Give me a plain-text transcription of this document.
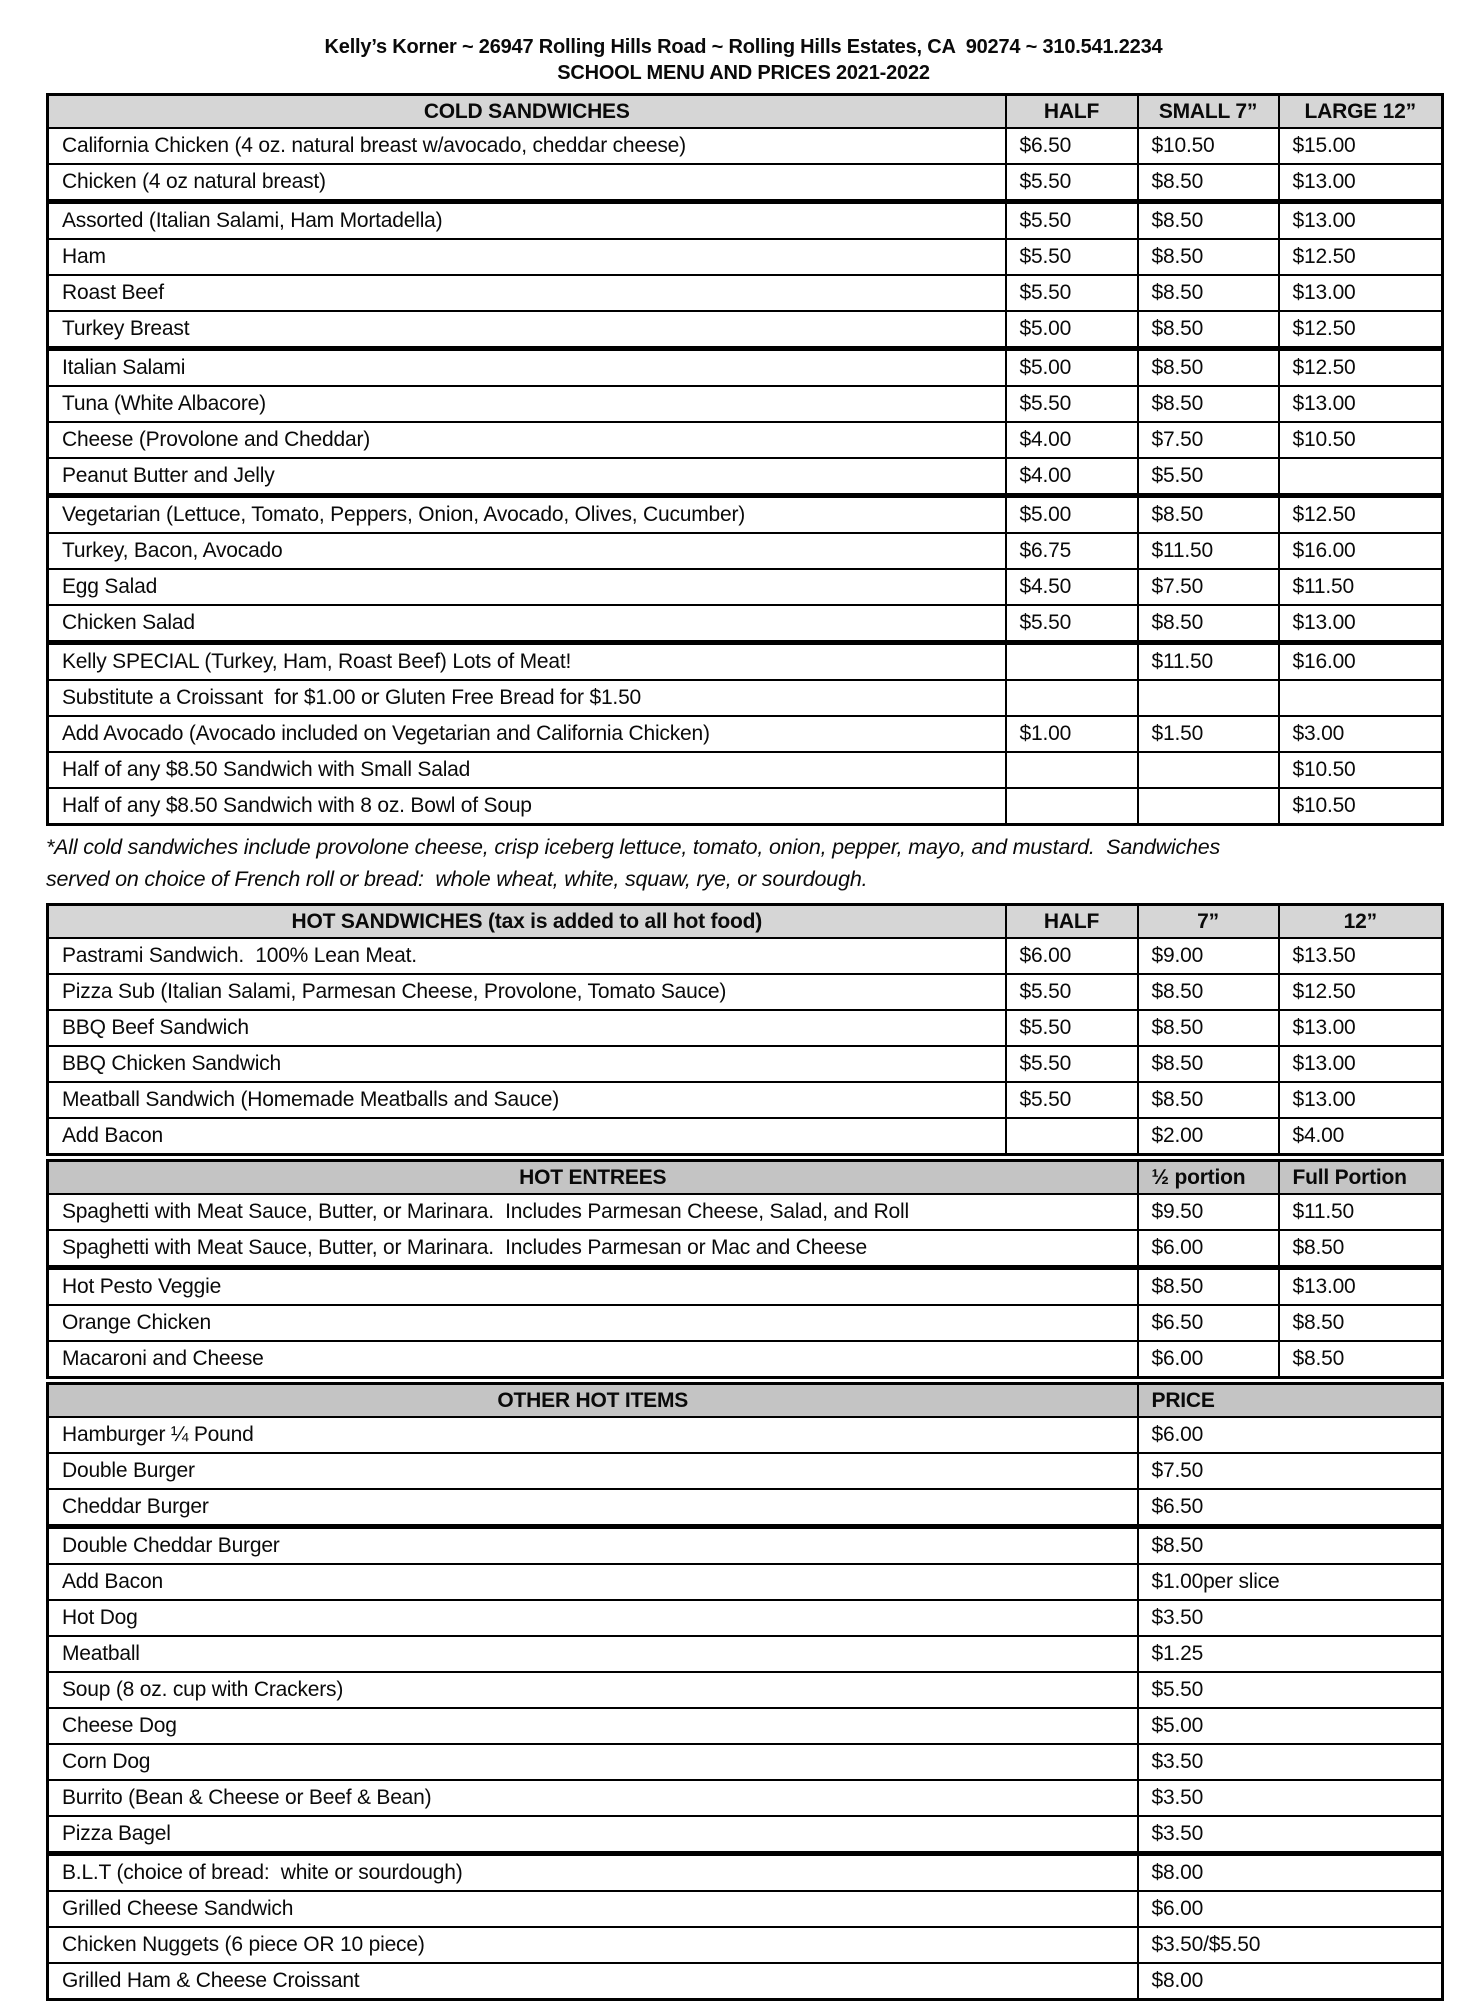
Kelly’s Korner ~ 26947 Rolling Hills Road ~ Rolling Hills Estates, CA  90274 ~ 310.541.2234
SCHOOL MENU AND PRICES 2021-2022
COLD SANDWICHES	HALF	SMALL 7”	LARGE 12”
California Chicken (4 oz. natural breast w/avocado, cheddar cheese)	$6.50	$10.50	$15.00
Chicken (4 oz natural breast)	$5.50	$8.50	$13.00
Assorted (Italian Salami, Ham Mortadella)	$5.50	$8.50	$13.00
Ham	$5.50	$8.50	$12.50
Roast Beef	$5.50	$8.50	$13.00
Turkey Breast	$5.00	$8.50	$12.50
Italian Salami	$5.00	$8.50	$12.50
Tuna (White Albacore)	$5.50	$8.50	$13.00
Cheese (Provolone and Cheddar)	$4.00	$7.50	$10.50
Peanut Butter and Jelly	$4.00	$5.50	
Vegetarian (Lettuce, Tomato, Peppers, Onion, Avocado, Olives, Cucumber)	$5.00	$8.50	$12.50
Turkey, Bacon, Avocado	$6.75	$11.50	$16.00
Egg Salad	$4.50	$7.50	$11.50
Chicken Salad	$5.50	$8.50	$13.00
Kelly SPECIAL (Turkey, Ham, Roast Beef) Lots of Meat!		$11.50	$16.00
Substitute a Croissant  for $1.00 or Gluten Free Bread for $1.50			
Add Avocado (Avocado included on Vegetarian and California Chicken)	$1.00	$1.50	$3.00
Half of any $8.50 Sandwich with Small Salad			$10.50
Half of any $8.50 Sandwich with 8 oz. Bowl of Soup			$10.50
*All cold sandwiches include provolone cheese, crisp iceberg lettuce, tomato, onion, pepper, mayo, and mustard.  Sandwiches served on choice of French roll or bread:  whole wheat, white, squaw, rye, or sourdough.
HOT SANDWICHES (tax is added to all hot food)	HALF	7”	12”
Pastrami Sandwich.  100% Lean Meat.	$6.00	$9.00	$13.50
Pizza Sub (Italian Salami, Parmesan Cheese, Provolone, Tomato Sauce)	$5.50	$8.50	$12.50
BBQ Beef Sandwich	$5.50	$8.50	$13.00
BBQ Chicken Sandwich	$5.50	$8.50	$13.00
Meatball Sandwich (Homemade Meatballs and Sauce)	$5.50	$8.50	$13.00
Add Bacon		$2.00	$4.00
HOT ENTREES	½ portion	Full Portion
Spaghetti with Meat Sauce, Butter, or Marinara.  Includes Parmesan Cheese, Salad, and Roll	$9.50	$11.50
Spaghetti with Meat Sauce, Butter, or Marinara.  Includes Parmesan or Mac and Cheese	$6.00	$8.50
Hot Pesto Veggie	$8.50	$13.00
Orange Chicken	$6.50	$8.50
Macaroni and Cheese	$6.00	$8.50
OTHER HOT ITEMS	PRICE
Hamburger ¼ Pound	$6.00
Double Burger	$7.50
Cheddar Burger	$6.50
Double Cheddar Burger	$8.50
Add Bacon	$1.00per slice
Hot Dog	$3.50
Meatball	$1.25
Soup (8 oz. cup with Crackers)	$5.50
Cheese Dog	$5.00
Corn Dog	$3.50
Burrito (Bean & Cheese or Beef & Bean)	$3.50
Pizza Bagel	$3.50
B.L.T (choice of bread:  white or sourdough)	$8.00
Grilled Cheese Sandwich	$6.00
Chicken Nuggets (6 piece OR 10 piece)	$3.50/$5.50
Grilled Ham & Cheese Croissant	$8.00
